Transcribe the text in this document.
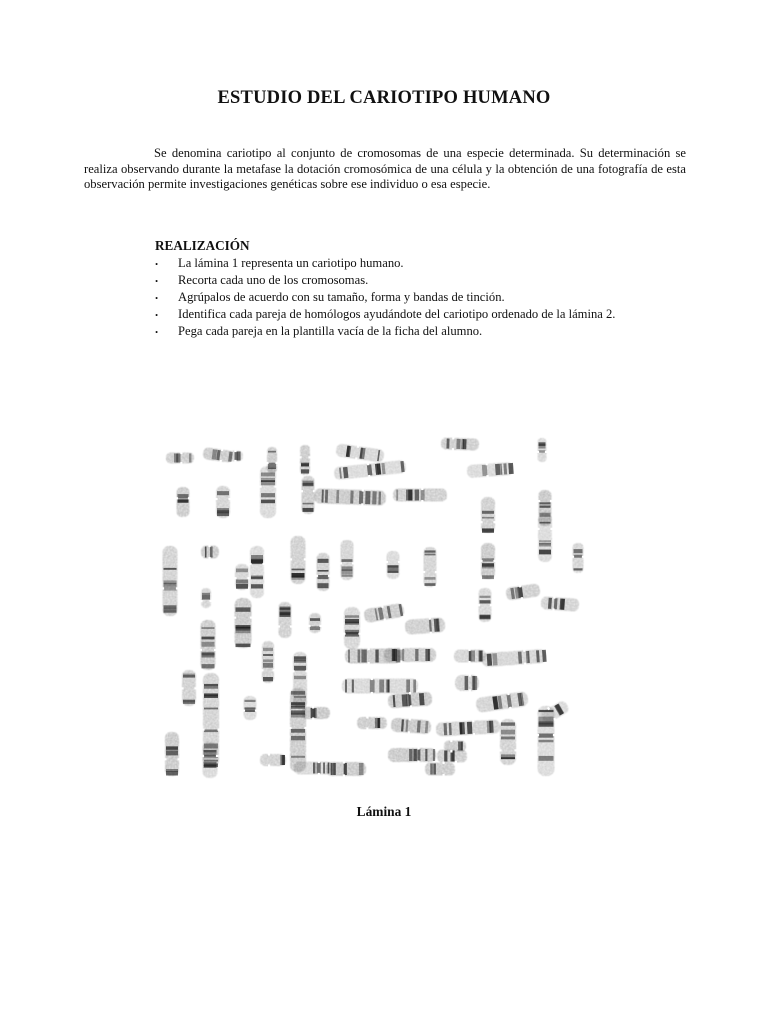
ESTUDIO DEL CARIOTIPO HUMANO

Se denomina cariotipo al conjunto de cromosomas de una especie determinada. Su determinación se realiza observando durante la metafase la dotación cromosómica de una célula y la obtención de una fotografía de esta observación permite investigaciones genéticas sobre ese individuo o esa especie.

REALIZACIÓN
. La lámina 1 representa un cariotipo humano.
. Recorta cada uno de los cromosomas.
. Agrúpalos de acuerdo con su tamaño, forma y bandas de tinción.
. Identifica cada pareja de homólogos ayudándote del cariotipo ordenado de la lámina 2.
. Pega cada pareja en la plantilla vacía de la ficha del alumno.
Lámina 1
